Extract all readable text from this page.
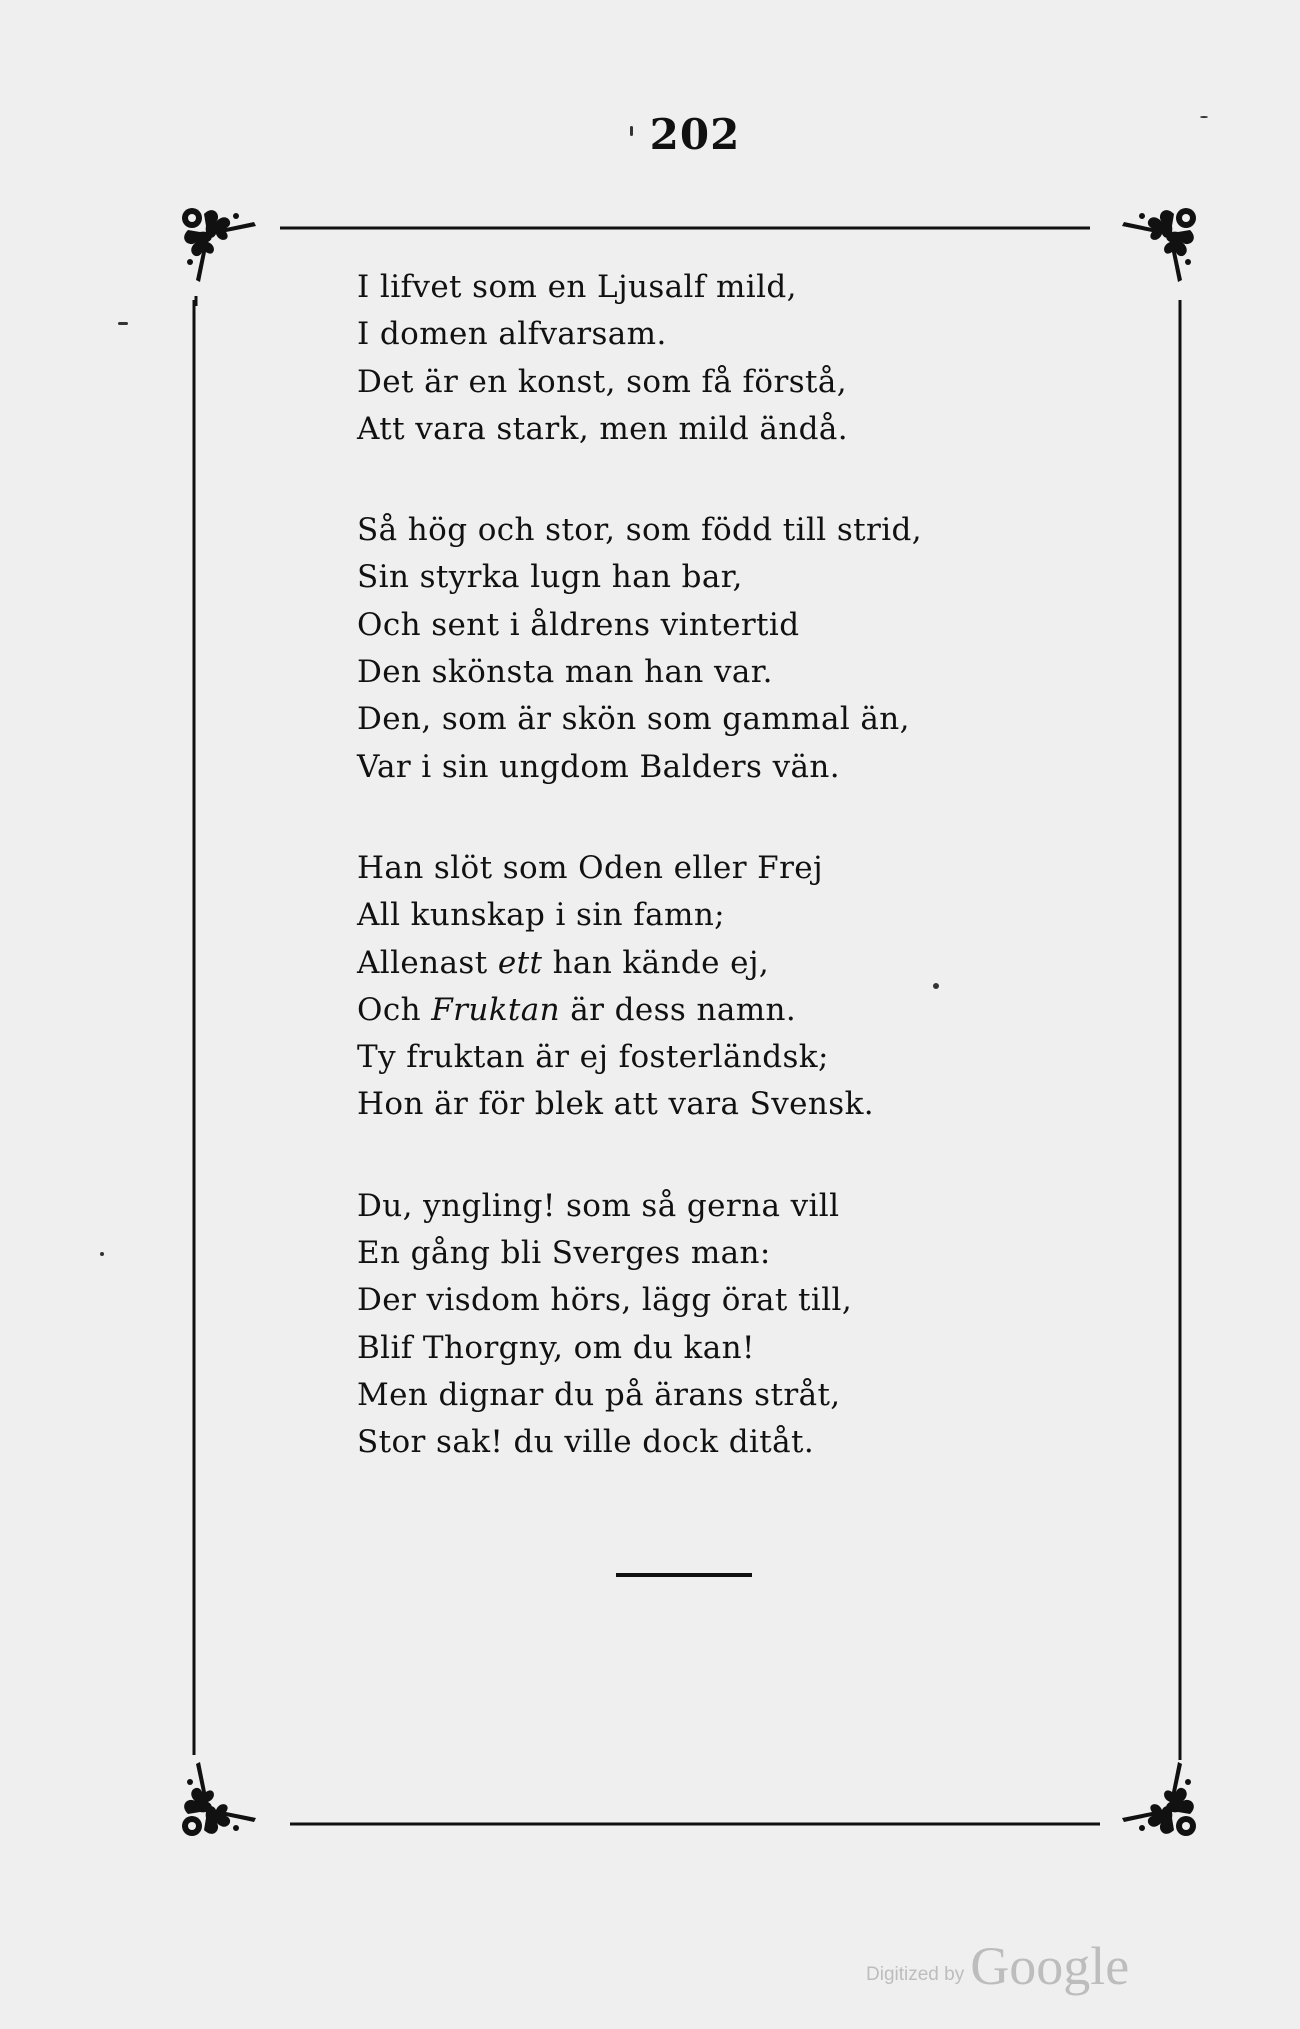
202
I lifvet som en Ljusalf mild,
I domen alfvarsam.
Det är en konst, som få förstå,
Att vara stark, men mild ändå.
Så hög och stor, som född till strid,
Sin styrka lugn han bar,
Och sent i åldrens vintertid
Den skönsta man han var.
Den, som är skön som gammal än,
Var i sin ungdom Balders vän.
Han slöt som Oden eller Frej
All kunskap i sin famn;
Allenast ett han kände ej,
Och Fruktan är dess namn.
Ty fruktan är ej fosterländsk;
Hon är för blek att vara Svensk.
Du, yngling! som så gerna vill
En gång bli Sverges man:
Der visdom hörs, lägg örat till,
Blif Thorgny, om du kan!
Men dignar du på ärans stråt,
Stor sak! du ville dock ditåt.
Digitized by Google
